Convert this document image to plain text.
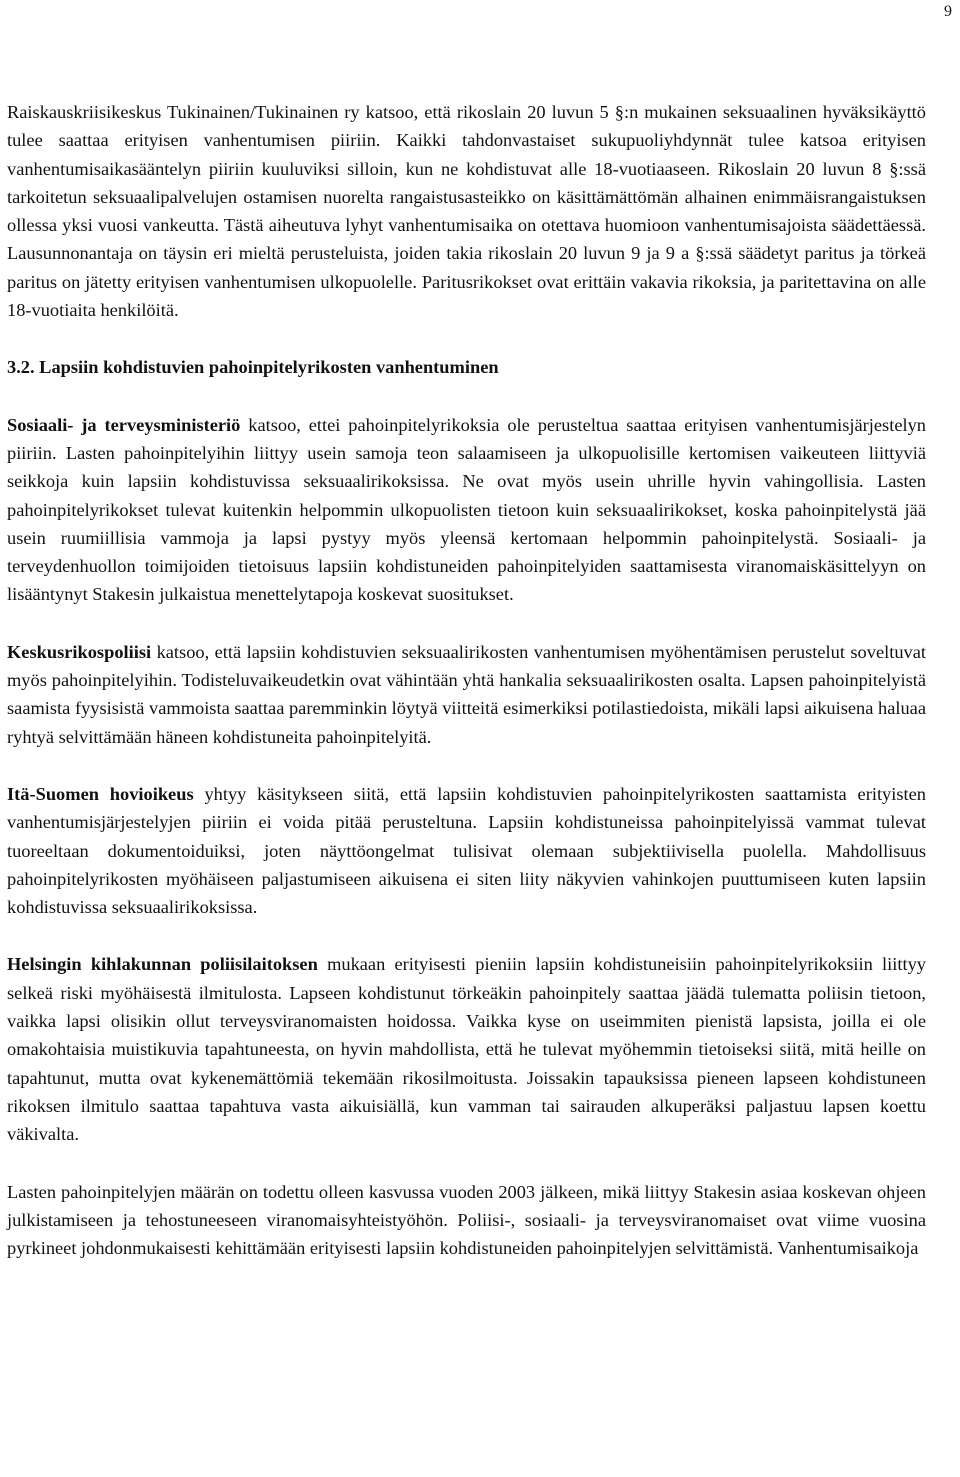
9

Raiskauskriisikeskus Tukinainen/Tukinainen ry katsoo, että rikoslain 20 luvun 5 §:n mukainen seksuaalinen hyväksikäyttö tulee saattaa erityisen vanhentumisen piiriin. Kaikki tahdonvastaiset sukupuoliyhdynnät tulee katsoa erityisen vanhentumisaikasääntelyn piiriin kuuluviksi silloin, kun ne kohdistuvat alle 18-vuotiaaseen. Rikoslain 20 luvun 8 §:ssä tarkoitetun seksuaalipalvelujen ostamisen nuorelta rangaistusasteikko on käsittämättömän alhainen enimmäisrangaistuksen ollessa yksi vuosi vankeutta. Tästä aiheutuva lyhyt vanhentumisaika on otettava huomioon vanhentumisajoista säädettäessä. Lausunnonantaja on täysin eri mieltä perusteluista, joiden takia rikoslain 20 luvun 9 ja 9 a §:ssä säädetyt paritus ja törkeä paritus on jätetty erityisen vanhentumisen ulkopuolelle. Paritusrikokset ovat erittäin vakavia rikoksia, ja paritettavina on alle 18-vuotiaita henkilöitä.

3.2. Lapsiin kohdistuvien pahoinpitelyrikosten vanhentuminen

Sosiaali- ja terveysministeriö katsoo, ettei pahoinpitelyrikoksia ole perusteltua saattaa erityisen vanhentumisjärjestelyn piiriin. Lasten pahoinpitelyihin liittyy usein samoja teon salaamiseen ja ulkopuolisille kertomisen vaikeuteen liittyviä seikkoja kuin lapsiin kohdistuvissa seksuaalirikoksissa. Ne ovat myös usein uhrille hyvin vahingollisia. Lasten pahoinpitelyrikokset tulevat kuitenkin helpommin ulkopuolisten tietoon kuin seksuaalirikokset, koska pahoinpitelystä jää usein ruumiillisia vammoja ja lapsi pystyy myös yleensä kertomaan helpommin pahoinpitelystä. Sosiaali- ja terveydenhuollon toimijoiden tietoisuus lapsiin kohdistuneiden pahoinpitelyiden saattamisesta viranomaiskäsittelyyn on lisääntynyt Stakesin julkaistua menettelytapoja koskevat suositukset.

Keskusrikospoliisi katsoo, että lapsiin kohdistuvien seksuaalirikosten vanhentumisen myöhentämisen perustelut soveltuvat myös pahoinpitelyihin. Todisteluvaikeudetkin ovat vähintään yhtä hankalia seksuaalirikosten osalta. Lapsen pahoinpitelyistä saamista fyysisistä vammoista saattaa paremminkin löytyä viitteitä esimerkiksi potilastiedoista, mikäli lapsi aikuisena haluaa ryhtyä selvittämään häneen kohdistuneita pahoinpitelyitä.

Itä-Suomen hovioikeus yhtyy käsitykseen siitä, että lapsiin kohdistuvien pahoinpitelyrikosten saattamista erityisten vanhentumisjärjestelyjen piiriin ei voida pitää perusteltuna. Lapsiin kohdistuneissa pahoinpitelyissä vammat tulevat tuoreeltaan dokumentoiduiksi, joten näyttöongelmat tulisivat olemaan subjektiivisella puolella. Mahdollisuus pahoinpitelyrikosten myöhäiseen paljastumiseen aikuisena ei siten liity näkyvien vahinkojen puuttumiseen kuten lapsiin kohdistuvissa seksuaalirikoksissa.

Helsingin kihlakunnan poliisilaitoksen mukaan erityisesti pieniin lapsiin kohdistuneisiin pahoinpitelyrikoksiin liittyy selkeä riski myöhäisestä ilmitulosta. Lapseen kohdistunut törkeäkin pahoinpitely saattaa jäädä tulematta poliisin tietoon, vaikka lapsi olisikin ollut terveysviranomaisten hoidossa. Vaikka kyse on useimmiten pienistä lapsista, joilla ei ole omakohtaisia muistikuvia tapahtuneesta, on hyvin mahdollista, että he tulevat myöhemmin tietoiseksi siitä, mitä heille on tapahtunut, mutta ovat kykenemättömiä tekemään rikosilmoitusta. Joissakin tapauksissa pieneen lapseen kohdistuneen rikoksen ilmitulo saattaa tapahtuva vasta aikuisiällä, kun vamman tai sairauden alkuperäksi paljastuu lapsen koettu väkivalta.

Lasten pahoinpitelyjen määrän on todettu olleen kasvussa vuoden 2003 jälkeen, mikä liittyy Stakesin asiaa koskevan ohjeen julkistamiseen ja tehostuneeseen viranomaisyhteistyöhön. Poliisi-, sosiaali- ja terveysviranomaiset ovat viime vuosina pyrkineet johdonmukaisesti kehittämään erityisesti lapsiin kohdistuneiden pahoinpitelyjen selvittämistä. Vanhentumisaikoja
